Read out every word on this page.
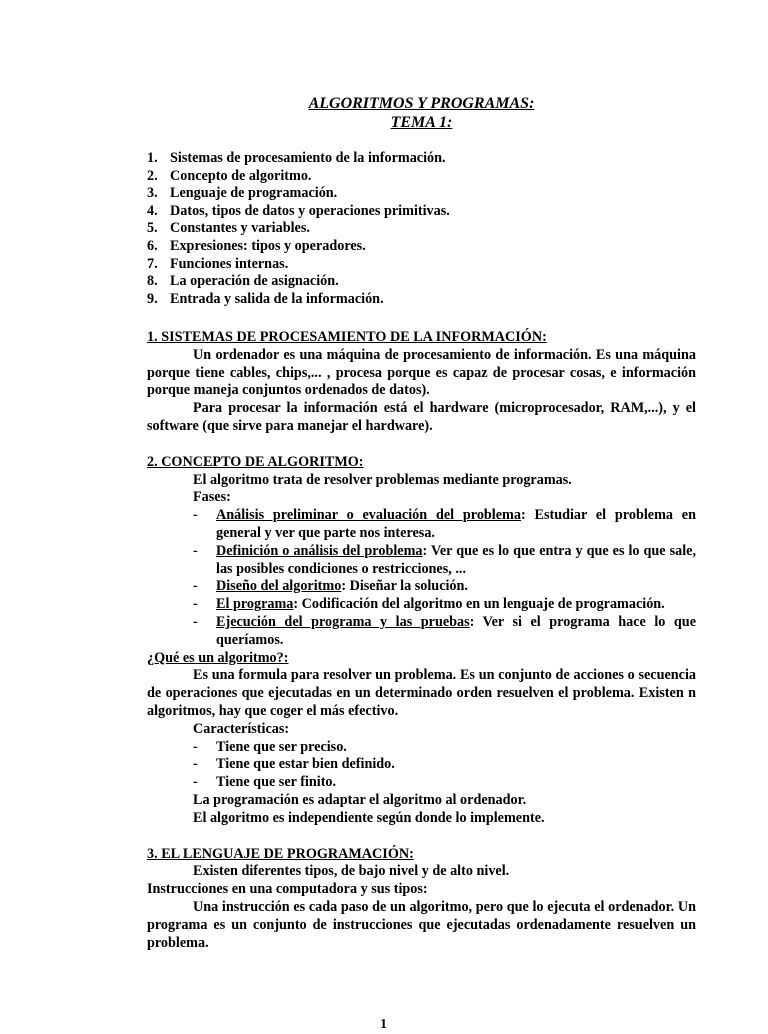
ALGORITMOS Y PROGRAMAS:
TEMA 1:
1. Sistemas de procesamiento de la información.
2. Concepto de algoritmo.
3. Lenguaje de programación.
4. Datos, tipos de datos y operaciones primitivas.
5. Constantes y variables.
6. Expresiones: tipos y operadores.
7. Funciones internas.
8. La operación de asignación.
9. Entrada y salida de la información.
1. SISTEMAS DE PROCESAMIENTO DE LA INFORMACIÓN:
Un ordenador es una máquina de procesamiento de información. Es una máquina porque tiene cables, chips,... , procesa porque es capaz de procesar cosas, e información porque maneja conjuntos ordenados de datos).
Para procesar la información está el hardware (microprocesador, RAM,...), y el software (que sirve para manejar el hardware).
2. CONCEPTO DE ALGORITMO:
El algoritmo trata de resolver problemas mediante programas.
Fases:
-	Análisis preliminar o evaluación del problema: Estudiar el problema en general y ver que parte nos interesa.
-	Definición o análisis del problema: Ver que es lo que entra y que es lo que sale, las posibles condiciones o restricciones, ...
-	Diseño del algoritmo: Diseñar la solución.
-	El programa: Codificación del algoritmo en un lenguaje de programación.
-	Ejecución del programa y las pruebas: Ver si el programa hace lo que queríamos.
¿Qué es un algoritmo?:
Es una formula para resolver un problema. Es un conjunto de acciones o secuencia de operaciones que ejecutadas en un determinado orden resuelven el problema. Existen n algoritmos, hay que coger el más efectivo.
Características:
-	Tiene que ser preciso.
-	Tiene que estar bien definido.
-	Tiene que ser finito.
La programación es adaptar el algoritmo al ordenador.
El algoritmo es independiente según donde lo implemente.
3. EL LENGUAJE DE PROGRAMACIÓN:
Existen diferentes tipos, de bajo nivel y de alto nivel.
Instrucciones en una computadora y sus tipos:
Una instrucción es cada paso de un algoritmo, pero que lo ejecuta el ordenador. Un programa es un conjunto de instrucciones que ejecutadas ordenadamente resuelven un problema.
1
